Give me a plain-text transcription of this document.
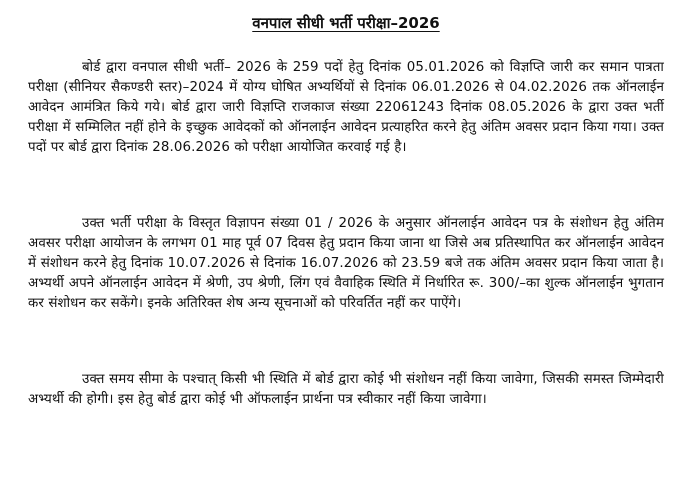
वनपाल सीधी भर्ती परीक्षा–2026

बोर्ड द्वारा वनपाल सीधी भर्ती– 2026 के 259 पदों हेतु दिनांक 05.01.2026 को विज्ञप्ति जारी कर समान पात्रता परीक्षा (सीनियर सैकण्डरी स्तर)–2024 में योग्य घोषित अभ्यर्थियों से दिनांक 06.01.2026 से 04.02.2026 तक ऑनलाईन आवेदन आमंत्रित किये गये। बोर्ड द्वारा जारी विज्ञप्ति राजकाज संख्या 22061243 दिनांक 08.05.2026 के द्वारा उक्त भर्ती परीक्षा में सम्मिलित नहीं होने के इच्छुक आवेदकों को ऑनलाईन आवेदन प्रत्याहरित करने हेतु अंतिम अवसर प्रदान किया गया। उक्त पदों पर बोर्ड द्वारा दिनांक 28.06.2026 को परीक्षा आयोजित करवाई गई है।

उक्त भर्ती परीक्षा के विस्तृत विज्ञापन संख्या 01 / 2026 के अनुसार ऑनलाईन आवेदन पत्र के संशोधन हेतु अंतिम अवसर परीक्षा आयोजन के लगभग 01 माह पूर्व 07 दिवस हेतु प्रदान किया जाना था जिसे अब प्रतिस्थापित कर ऑनलाईन आवेदन में संशोधन करने हेतु दिनांक 10.07.2026 से दिनांक 16.07.2026 को 23.59 बजे तक अंतिम अवसर प्रदान किया जाता है। अभ्यर्थी अपने ऑनलाईन आवेदन में श्रेणी, उप श्रेणी, लिंग एवं वैवाहिक स्थिति में निर्धारित रू. 300/–का शुल्क ऑनलाईन भुगतान कर संशोधन कर सकेंगे। इनके अतिरिक्त शेष अन्य सूचनाओं को परिवर्तित नहीं कर पाऐंगे।

उक्त समय सीमा के पश्चात् किसी भी स्थिति में बोर्ड द्वारा कोई भी संशोधन नहीं किया जावेगा, जिसकी समस्त जिम्मेदारी अभ्यर्थी की होगी। इस हेतु बोर्ड द्वारा कोई भी ऑफलाईन प्रार्थना पत्र स्वीकार नहीं किया जावेगा।
